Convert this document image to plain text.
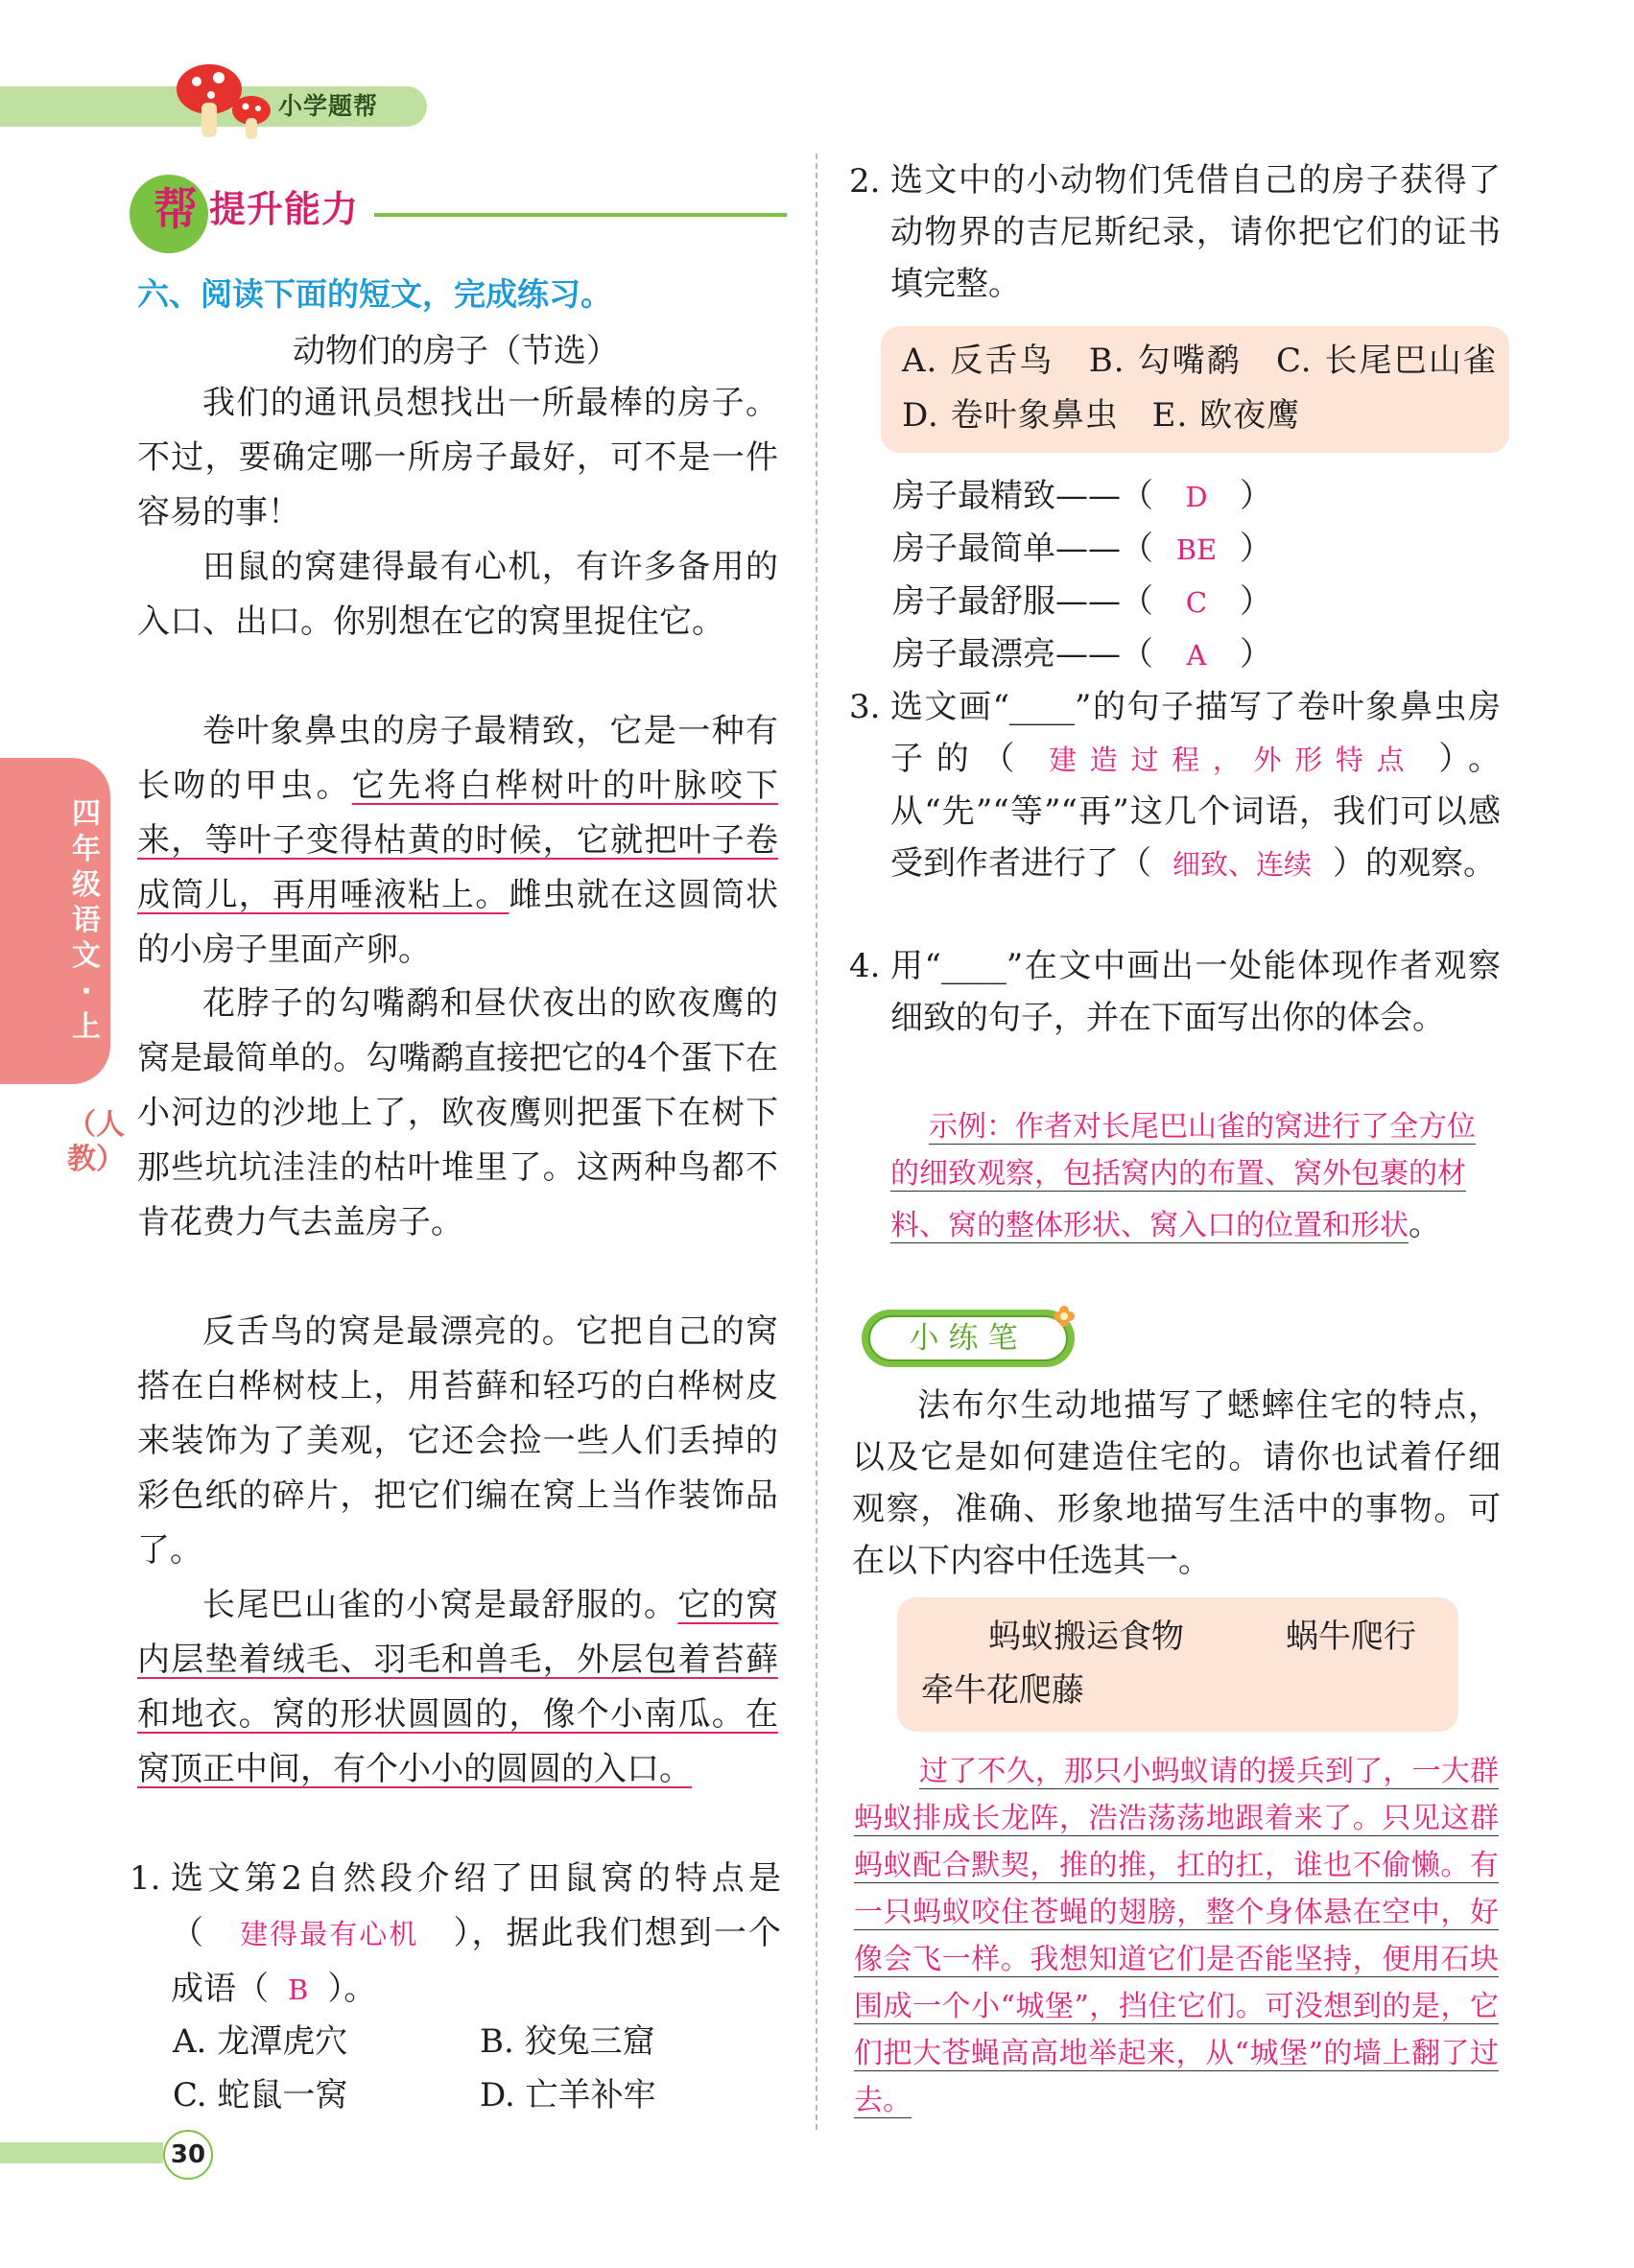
小学题帮
帮 提升能力
六、阅读下面的短文，完成练习。
动物们的房子（节选）
我们的通讯员想找出一所最棒的房子。不过，要确定哪一所房子最好，可不是一件容易的事！
田鼠的窝建得最有心机，有许多备用的入口、出口。你别想在它的窝里捉住它。
卷叶象鼻虫的房子最精致，它是一种有长吻的甲虫。它先将白桦树叶的叶脉咬下来，等叶子变得枯黄的时候，它就把叶子卷成筒儿，再用唾液粘上。雌虫就在这圆筒状的小房子里面产卵。
花脖子的勾嘴鹬和昼伏夜出的欧夜鹰的窝是最简单的。勾嘴鹬直接把它的4个蛋下在小河边的沙地上了，欧夜鹰则把蛋下在树下那些坑坑洼洼的枯叶堆里了。这两种鸟都不肯花费力气去盖房子。
反舌鸟的窝是最漂亮的。它把自己的窝搭在白桦树枝上，用苔藓和轻巧的白桦树皮来装饰为了美观，它还会捡一些人们丢掉的彩色纸的碎片，把它们编在窝上当作装饰品了。
长尾巴山雀的小窝是最舒服的。它的窝内层垫着绒毛、羽毛和兽毛，外层包着苔藓和地衣。窝的形状圆圆的，像个小南瓜。在窝顶正中间，有个小小的圆圆的入口。
1. 选文第2自然段介绍了田鼠窝的特点是（ 建得最有心机 ），据此我们想到一个成语（ B ）。
A. 龙潭虎穴	B. 狡兔三窟
C. 蛇鼠一窝	D. 亡羊补牢
2. 选文中的小动物们凭借自己的房子获得了动物界的吉尼斯纪录，请你把它们的证书填完整。
A. 反舌鸟　B. 勾嘴鹬　C. 长尾巴山雀　D. 卷叶象鼻虫　E. 欧夜鹰
房子最精致——（ D ）
房子最简单——（ BE ）
房子最舒服——（ C ）
房子最漂亮——（ A ）
3. 选文画“____”的句子描写了卷叶象鼻虫房子的（ 建造过程，外形特点 ）。从“先”“等”“再”这几个词语，我们可以感受到作者进行了（ 细致、连续 ）的观察。
4. 用“____”在文中画出一处能体现作者观察细致的句子，并在下面写出你的体会。
示例：作者对长尾巴山雀的窝进行了全方位的细致观察，包括窝内的布置、窝外包裹的材料、窝的整体形状、窝入口的位置和形状。
小练笔
法布尔生动地描写了蟋蟀住宅的特点，以及它是如何建造住宅的。请你也试着仔细观察，准确、形象地描写生活中的事物。可在以下内容中任选其一。
蚂蚁搬运食物	蜗牛爬行
牵牛花爬藤
过了不久，那只小蚂蚁请的援兵到了，一大群蚂蚁排成长龙阵，浩浩荡荡地跟着来了。只见这群蚂蚁配合默契，推的推，扛的扛，谁也不偷懒。有一只蚂蚁咬住苍蝇的翅膀，整个身体悬在空中，好像会飞一样。我想知道它们是否能坚持，便用石块围成一个小“城堡”，挡住它们。可没想到的是，它们把大苍蝇高高地举起来，从“城堡”的墙上翻了过去。
四年级语文·上
（人教）
30
